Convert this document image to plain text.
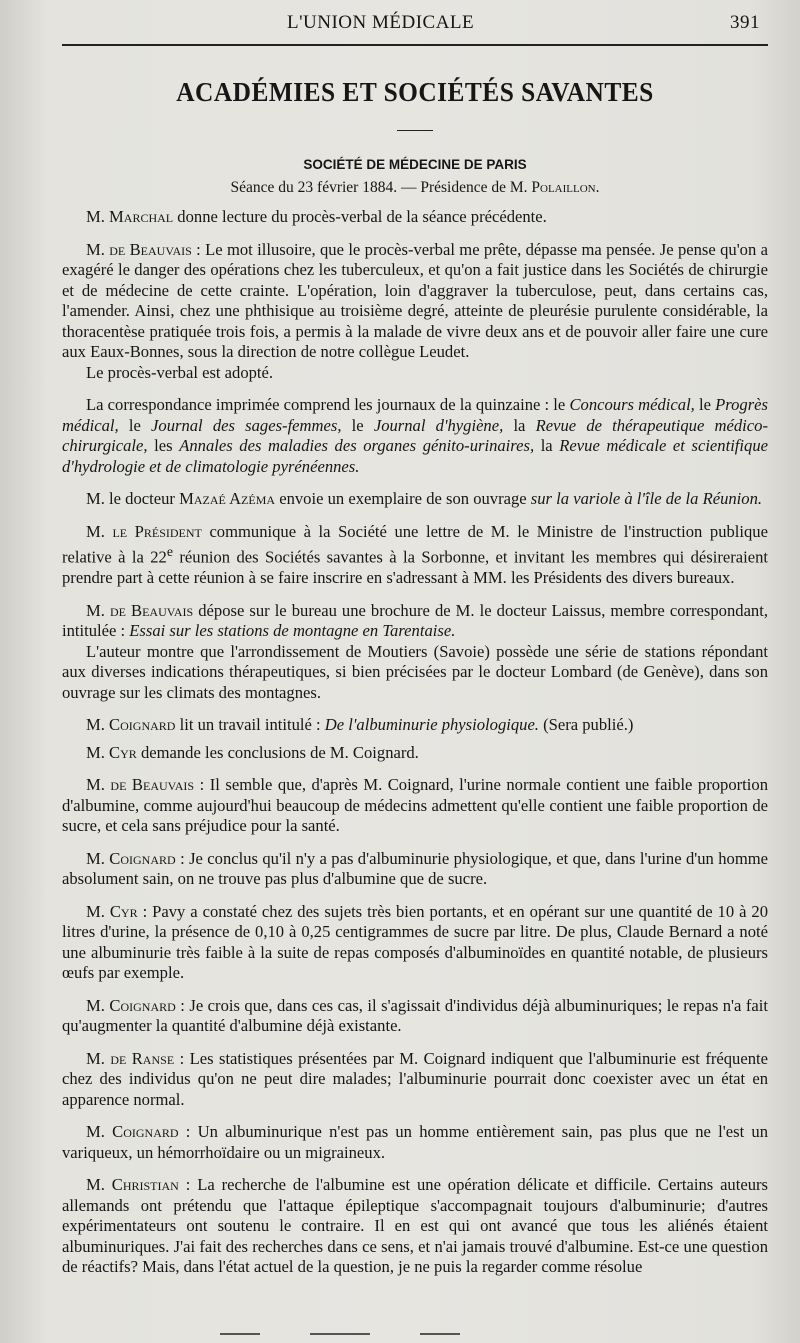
L'UNION MÉDICALE	391
ACADÉMIES ET SOCIÉTÉS SAVANTES
SOCIÉTÉ DE MÉDECINE DE PARIS
Séance du 23 février 1884. — Présidence de M. Polaillon.

M. Marchal donne lecture du procès-verbal de la séance précédente.

M. de Beauvais : Le mot illusoire, que le procès-verbal me prête, dépasse ma pensée. Je pense qu'on a exagéré le danger des opérations chez les tuberculeux, et qu'on a fait justice dans les Sociétés de chirurgie et de médecine de cette crainte. L'opération, loin d'aggraver la tuberculose, peut, dans certains cas, l'amender. Ainsi, chez une phthisique au troisième degré, atteinte de pleurésie purulente considérable, la thoracentèse pratiquée trois fois, a permis à la malade de vivre deux ans et de pouvoir aller faire une cure aux Eaux-Bonnes, sous la direction de notre collègue Leudet.

Le procès-verbal est adopté.

La correspondance imprimée comprend les journaux de la quinzaine : le Concours médical, le Progrès médical, le Journal des sages-femmes, le Journal d'hygiène, la Revue de thérapeutique médico-chirurgicale, les Annales des maladies des organes génito-urinaires, la Revue médicale et scientifique d'hydrologie et de climatologie pyrénéennes.

M. le docteur Mazaé Azéma envoie un exemplaire de son ouvrage sur la variole à l'île de la Réunion.

M. le Président communique à la Société une lettre de M. le Ministre de l'instruction publique relative à la 22e réunion des Sociétés savantes à la Sorbonne, et invitant les membres qui désireraient prendre part à cette réunion à se faire inscrire en s'adressant à MM. les Présidents des divers bureaux.

M. de Beauvais dépose sur le bureau une brochure de M. le docteur Laissus, membre correspondant, intitulée : Essai sur les stations de montagne en Tarentaise.

L'auteur montre que l'arrondissement de Moutiers (Savoie) possède une série de stations répondant aux diverses indications thérapeutiques, si bien précisées par le docteur Lombard (de Genève), dans son ouvrage sur les climats des montagnes.

M. Coignard lit un travail intitulé : De l'albuminurie physiologique. (Sera publié.)

M. Cyr demande les conclusions de M. Coignard.

M. de Beauvais : Il semble que, d'après M. Coignard, l'urine normale contient une faible proportion d'albumine, comme aujourd'hui beaucoup de médecins admettent qu'elle contient une faible proportion de sucre, et cela sans préjudice pour la santé.

M. Coignard : Je conclus qu'il n'y a pas d'albuminurie physiologique, et que, dans l'urine d'un homme absolument sain, on ne trouve pas plus d'albumine que de sucre.

M. Cyr : Pavy a constaté chez des sujets très bien portants, et en opérant sur une quantité de 10 à 20 litres d'urine, la présence de 0,10 à 0,25 centigrammes de sucre par litre. De plus, Claude Bernard a noté une albuminurie très faible à la suite de repas composés d'albuminoïdes en quantité notable, de plusieurs œufs par exemple.

M. Coignard : Je crois que, dans ces cas, il s'agissait d'individus déjà albuminuriques; le repas n'a fait qu'augmenter la quantité d'albumine déjà existante.

M. de Ranse : Les statistiques présentées par M. Coignard indiquent que l'albuminurie est fréquente chez des individus qu'on ne peut dire malades; l'albuminurie pourrait donc coexister avec un état en apparence normal.

M. Coignard : Un albuminurique n'est pas un homme entièrement sain, pas plus que ne l'est un variqueux, un hémorrhoïdaire ou un migraineux.

M. Christian : La recherche de l'albumine est une opération délicate et difficile. Certains auteurs allemands ont prétendu que l'attaque épileptique s'accompagnait toujours d'albuminurie; d'autres expérimentateurs ont soutenu le contraire. Il en est qui ont avancé que tous les aliénés étaient albuminuriques. J'ai fait des recherches dans ce sens, et n'ai jamais trouvé d'albumine. Est-ce une question de réactifs? Mais, dans l'état actuel de la question, je ne puis la regarder comme résolue
